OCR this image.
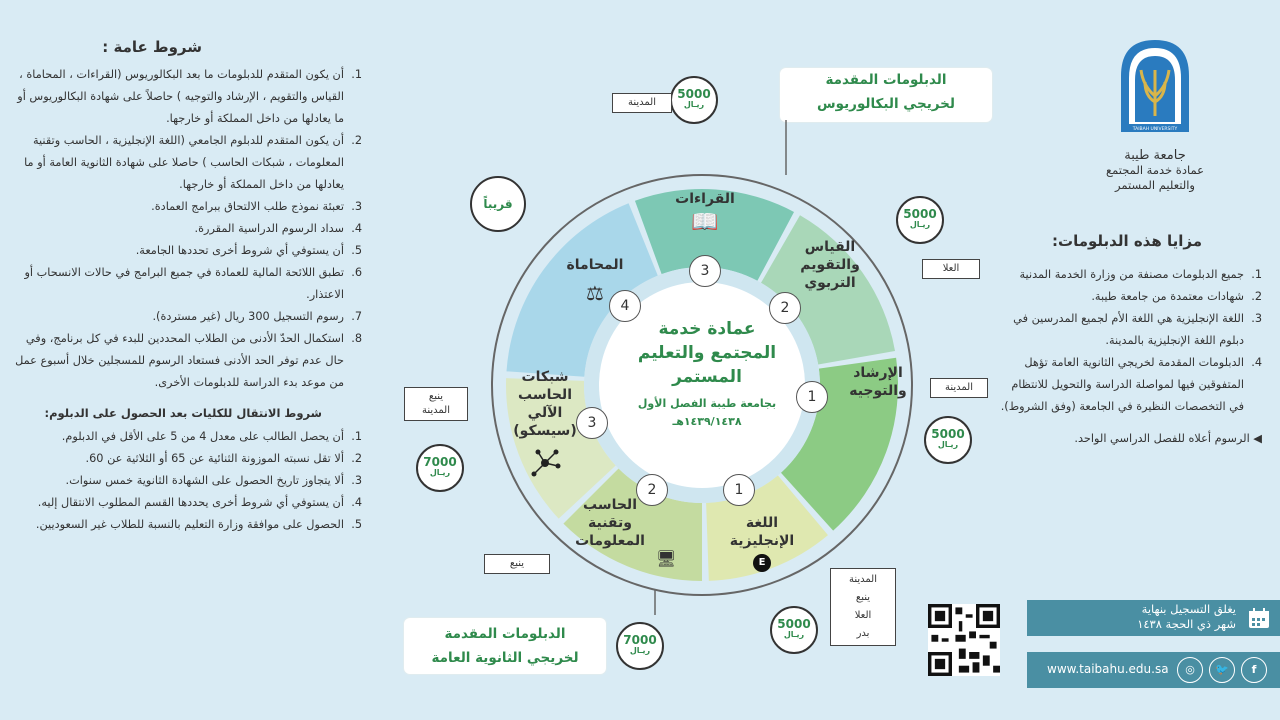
شروط عامة :
1.
أن يكون المتقدم للدبلومات ما بعد البكالوريوس (القراءات ، المحاماة ، القياس والتقويم ، الإرشاد والتوجيه ) حاصلاً على شهادة البكالوريوس أو ما يعادلها من داخل المملكة أو خارجها.
2.
أن يكون المتقدم للدبلوم الجامعي (اللغة الإنجليزية ، الحاسب وتقنية المعلومات ، شبكات الحاسب ) حاصلا على شهادة الثانوية العامة أو ما يعادلها من داخل المملكة أو خارجها.
3.
تعبئة نموذج طلب الالتحاق ببرامج العمادة.
4.
سداد الرسوم الدراسية المقررة.
5.
أن يستوفي أي شروط أخرى تحددها الجامعة.
6.
تطبق اللائحة المالية للعمادة في جميع البرامج في حالات الانسحاب أو الاعتذار.
7.
رسوم التسجيل 300 ريال (غير مستردة).
8.
استكمال الحدّ الأدنى من الطلاب المحددين للبدء في كل برنامج، وفي حال عدم توفر الحد الأدنى فستعاد الرسوم للمسجلين خلال أسبوع عمل من موعد بدء الدراسة للدبلومات الأخرى.
شروط الانتقال للكليات بعد الحصول على الدبلوم:
1.
أن يحصل الطالب على معدل 4 من 5 على الأقل في الدبلوم.
2.
ألا تقل نسبته الموزونة الثنائية عن 65 أو الثلاثية عن 60.
3.
ألا يتجاوز تاريخ الحصول على الشهادة الثانوية خمس سنوات.
4.
أن يستوفي أي شروط أخرى يحددها القسم المطلوب الانتقال إليه.
5.
الحصول على موافقة وزارة التعليم بالنسبة للطلاب غير السعوديين.
TAIBAH UNIVERSITY
جامعة طيبة
عمادة خدمة المجتمع
والتعليم المستمر
مزايا هذه الدبلومات:
1.
جميع الدبلومات مصنفة من وزارة الخدمة المدنية
2.
شهادات معتمدة من جامعة طيبة.
3.
اللغة الإنجليزية هي اللغة الأم لجميع المدرسين في دبلوم اللغة الإنجليزية بالمدينة.
4.
الدبلومات المقدمة لخريجي الثانوية العامة تؤهل المتفوقين فيها لمواصلة الدراسة والتحويل للانتظام في التخصصات النظيرة في الجامعة (وفق الشروط).
◀ الرسوم أعلاه للفصل الدراسي الواحد.
الدبلومات المقدمة
لخريجي البكالوريوس
الدبلومات المقدمة
لخريجي الثانوية العامة
عمادة خدمة
المجتمع والتعليم
المستمر
بجامعة طيبة الفصل الأول
١٤٣٩/١٤٣٨هـ
القراءات
📖
القياس
والتقويم
التربوي
الإرشاد
والتوجيه
اللغة
الإنجليزية
E
الحاسب
وتقنية
المعلومات
🖥
شبكات
الحاسب الآلي
(سيسكو)
المحاماة
⚖
3
2
1
1
2
3
4
5000
ريـال
5000
ريـال
5000
ريـال
5000
ريـال
7000
ريـال
7000
ريـال
قريباً
المدينة
العلا
المدينة
المدينة
ينبع
العلا
بدر
ينبع
ينبع
المدينة
يغلق التسجيل بنهاية
شهر ذي الحجة ١٤٣٨
www.taibahu.edu.sa	◎	🐦	f
